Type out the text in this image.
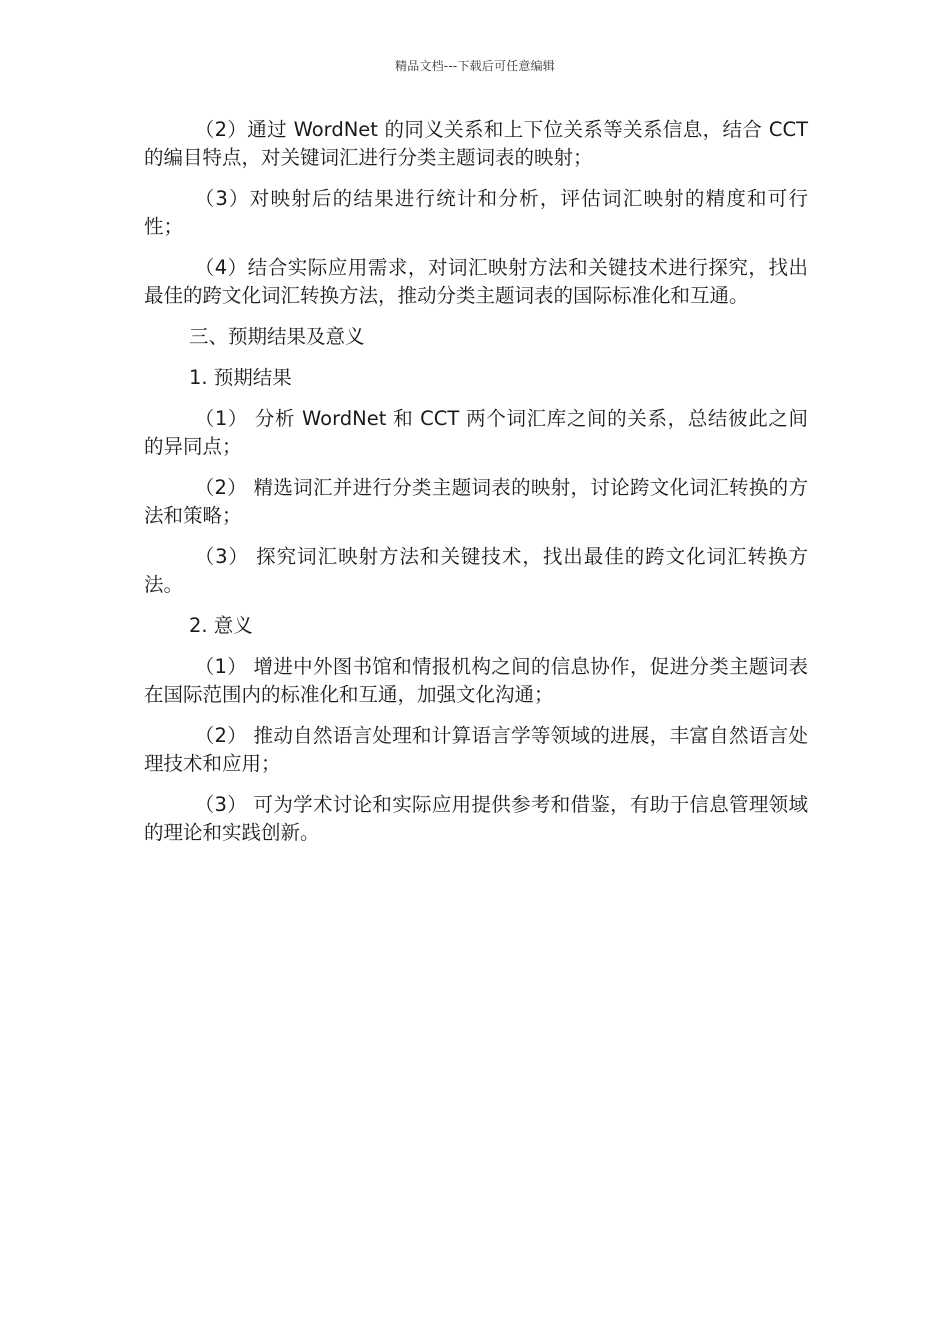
精品文档---下载后可任意编辑

（2）通过 WordNet 的同义关系和上下位关系等关系信息，结合 CCT 的编目特点，对关键词汇进行分类主题词表的映射；

（3）对映射后的结果进行统计和分析，评估词汇映射的精度和可行性；

（4）结合实际应用需求，对词汇映射方法和关键技术进行探究，找出最佳的跨文化词汇转换方法，推动分类主题词表的国际标准化和互通。

三、预期结果及意义
1. 预期结果

（1） 分析 WordNet 和 CCT 两个词汇库之间的关系，总结彼此之间的异同点；

（2） 精选词汇并进行分类主题词表的映射，讨论跨文化词汇转换的方法和策略；

（3） 探究词汇映射方法和关键技术，找出最佳的跨文化词汇转换方法。

2. 意义

（1） 增进中外图书馆和情报机构之间的信息协作，促进分类主题词表在国际范围内的标准化和互通，加强文化沟通；

（2） 推动自然语言处理和计算语言学等领域的进展，丰富自然语言处理技术和应用；

（3） 可为学术讨论和实际应用提供参考和借鉴，有助于信息管理领域的理论和实践创新。
